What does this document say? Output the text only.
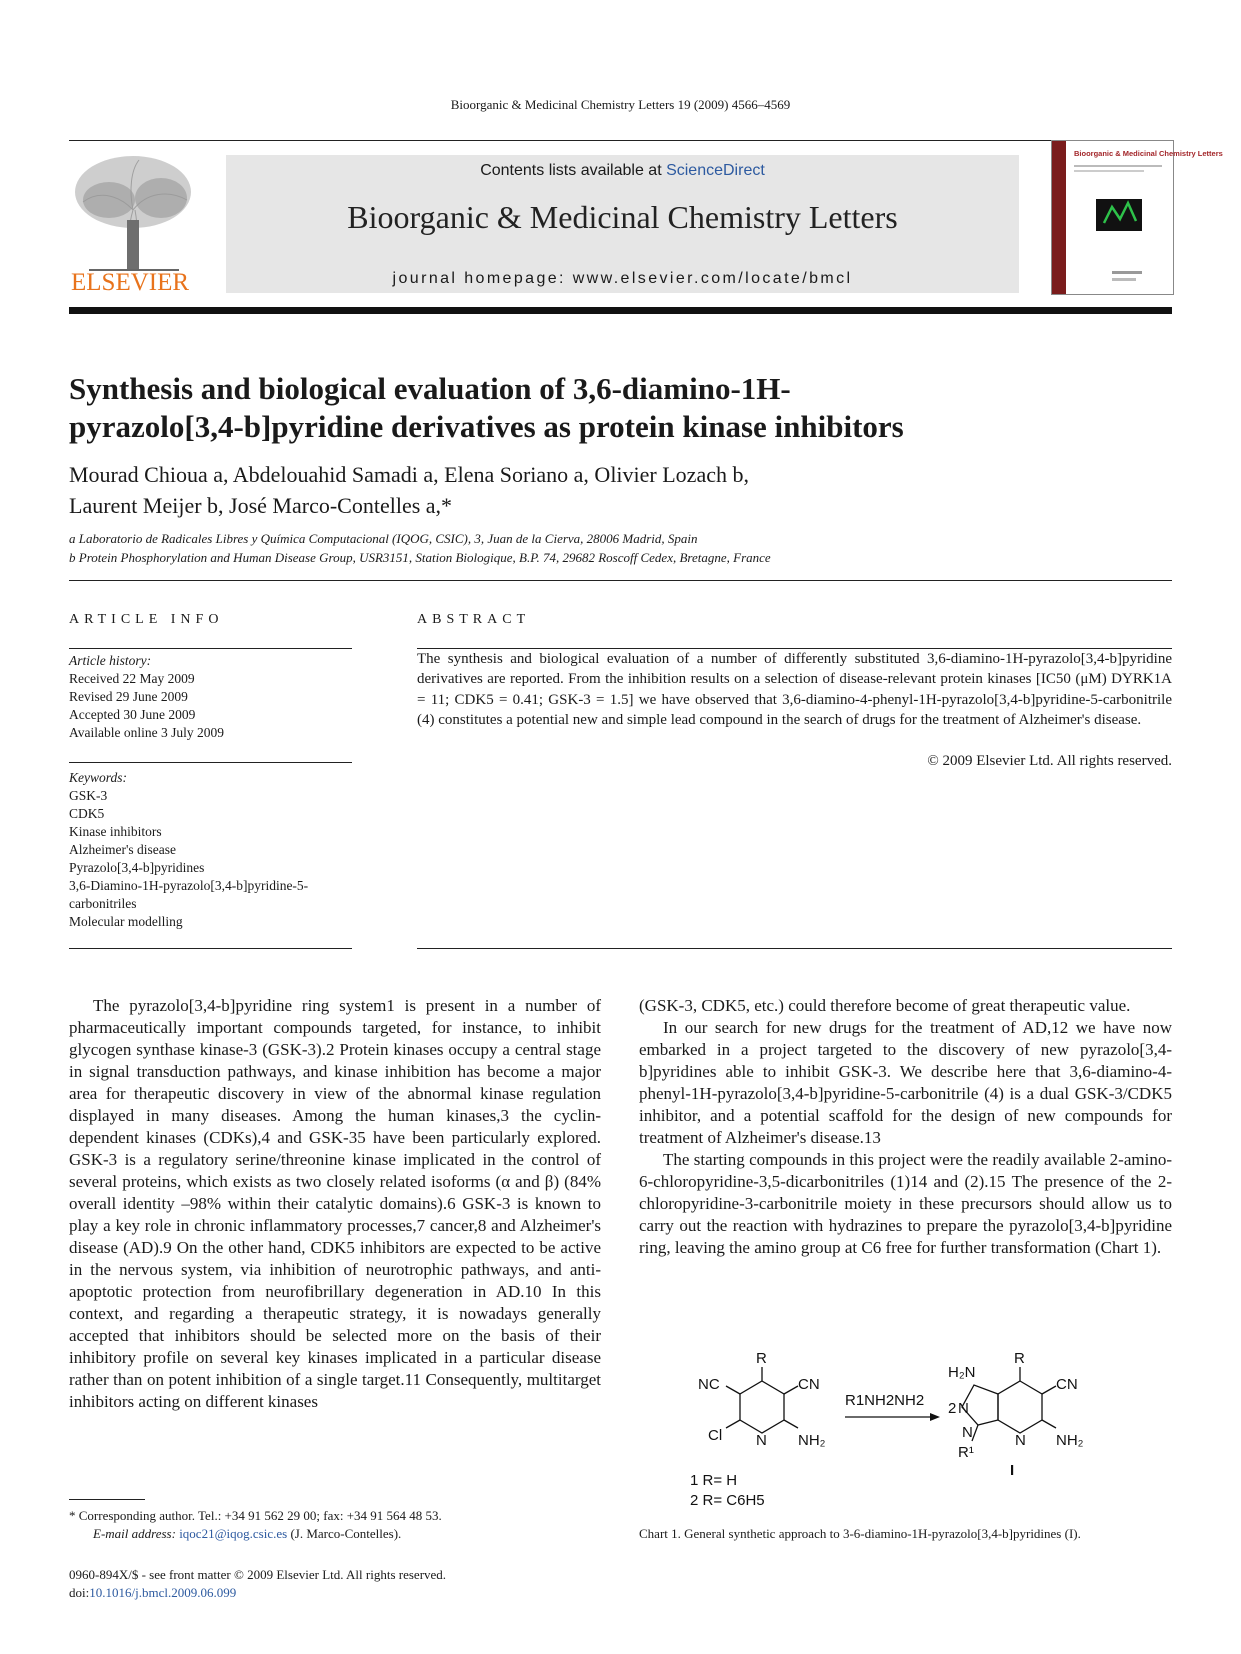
Bioorganic & Medicinal Chemistry Letters 19 (2009) 4566–4569
ELSEVIER
Contents lists available at ScienceDirect
Bioorganic & Medicinal Chemistry Letters
journal homepage: www.elsevier.com/locate/bmcl
Bioorganic & Medicinal Chemistry Letters
Synthesis and biological evaluation of 3,6-diamino-1H-
pyrazolo[3,4-b]pyridine derivatives as protein kinase inhibitors
Mourad Chioua a, Abdelouahid Samadi a, Elena Soriano a, Olivier Lozach b,
Laurent Meijer b, José Marco-Contelles a,*
a Laboratorio de Radicales Libres y Química Computacional (IQOG, CSIC), 3, Juan de la Cierva, 28006 Madrid, Spain
b Protein Phosphorylation and Human Disease Group, USR3151, Station Biologique, B.P. 74, 29682 Roscoff Cedex, Bretagne, France
ARTICLE INFO
Article history:
Received 22 May 2009
Revised 29 June 2009
Accepted 30 June 2009
Available online 3 July 2009
Keywords:
GSK-3
CDK5
Kinase inhibitors
Alzheimer's disease
Pyrazolo[3,4-b]pyridines
3,6-Diamino-1H-pyrazolo[3,4-b]pyridine-5-
carbonitriles
Molecular modelling
ABSTRACT
The synthesis and biological evaluation of a number of differently substituted 3,6-diamino-1H-pyrazolo[3,4-b]pyridine derivatives are reported. From the inhibition results on a selection of disease-relevant protein kinases [IC50 (μM) DYRK1A = 11; CDK5 = 0.41; GSK-3 = 1.5] we have observed that 3,6-diamino-4-phenyl-1H-pyrazolo[3,4-b]pyridine-5-carbonitrile (4) constitutes a potential new and simple lead compound in the search of drugs for the treatment of Alzheimer's disease.
© 2009 Elsevier Ltd. All rights reserved.

The pyrazolo[3,4-b]pyridine ring system1 is present in a number of pharmaceutically important compounds targeted, for instance, to inhibit glycogen synthase kinase-3 (GSK-3).2 Protein kinases occupy a central stage in signal transduction pathways, and kinase inhibition has become a major area for therapeutic discovery in view of the abnormal kinase regulation displayed in many diseases. Among the human kinases,3 the cyclin-dependent kinases (CDKs),4 and GSK-35 have been particularly explored. GSK-3 is a regulatory serine/threonine kinase implicated in the control of several proteins, which exists as two closely related isoforms (α and β) (84% overall identity –98% within their catalytic domains).6 GSK-3 is known to play a key role in chronic inflammatory processes,7 cancer,8 and Alzheimer's disease (AD).9 On the other hand, CDK5 inhibitors are expected to be active in the nervous system, via inhibition of neurotrophic pathways, and anti-apoptotic protection from neurofibrillary degeneration in AD.10 In this context, and regarding a therapeutic strategy, it is nowadays generally accepted that inhibitors should be selected more on the basis of their inhibitory profile on several key kinases implicated in a particular disease rather than on potent inhibition of a single target.11 Consequently, multitarget inhibitors acting on different kinases

(GSK-3, CDK5, etc.) could therefore become of great therapeutic value.

In our search for new drugs for the treatment of AD,12 we have now embarked in a project targeted to the discovery of new pyrazolo[3,4-b]pyridines able to inhibit GSK-3. We describe here that 3,6-diamino-4-phenyl-1H-pyrazolo[3,4-b]pyridine-5-carbonitrile (4) is a dual GSK-3/CDK5 inhibitor, and a potential scaffold for the design of new compounds for treatment of Alzheimer's disease.13

The starting compounds in this project were the readily available 2-amino-6-chloropyridine-3,5-dicarbonitriles (1)14 and (2).15 The presence of the 2-chloropyridine-3-carbonitrile moiety in these precursors should allow us to carry out the reaction with hydrazines to prepare the pyrazolo[3,4-b]pyridine ring, leaving the amino group at C6 free for further transformation (Chart 1).

R
NC	CN
Cl N NH₂
R1NH2NH2
R
H₂N
CN
2 N
N	N NH₂
R¹
I
1 R= H
2 R= C6H5
Chart 1. General synthetic approach to 3-6-diamino-1H-pyrazolo[3,4-b]pyridines (I).
* Corresponding author. Tel.: +34 91 562 29 00; fax: +34 91 564 48 53.
E-mail address: iqoc21@iqog.csic.es (J. Marco-Contelles).
0960-894X/$ - see front matter © 2009 Elsevier Ltd. All rights reserved.
doi:10.1016/j.bmcl.2009.06.099
